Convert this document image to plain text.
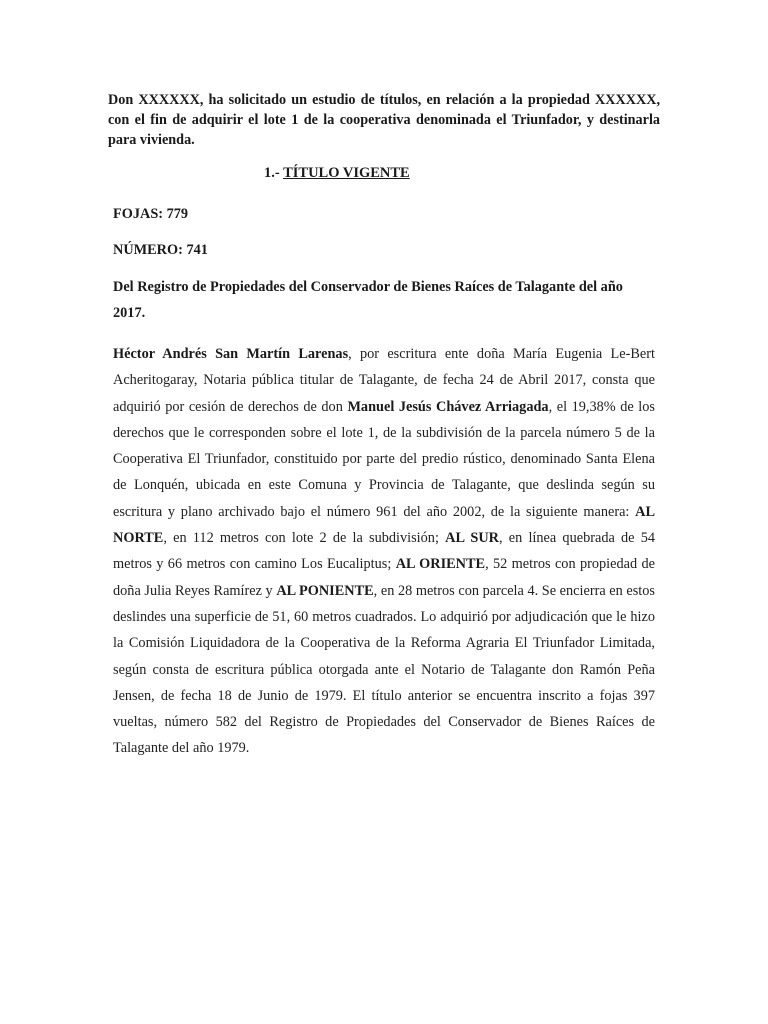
Don XXXXXX, ha solicitado un estudio de títulos, en relación a la propiedad XXXXXX, con el fin de adquirir el lote 1 de la cooperativa denominada el Triunfador, y destinarla para vivienda.

1.- TÍTULO VIGENTE
FOJAS: 779
NÚMERO: 741

Del Registro de Propiedades del Conservador de Bienes Raíces de Talagante del año 2017.

Héctor Andrés San Martín Larenas, por escritura ente doña María Eugenia Le-Bert Acheritogaray, Notaria pública titular de Talagante, de fecha 24 de Abril 2017, consta que adquirió por cesión de derechos de don Manuel Jesús Chávez Arriagada, el 19,38% de los derechos que le corresponden sobre el lote 1, de la subdivisión de la parcela número 5 de la Cooperativa El Triunfador, constituido por parte del predio rústico, denominado Santa Elena de Lonquén, ubicada en este Comuna y Provincia de Talagante, que deslinda según su escritura y plano archivado bajo el número 961 del año 2002, de la siguiente manera: AL NORTE, en 112 metros con lote 2 de la subdivisión; AL SUR, en línea quebrada de 54 metros y 66 metros con camino Los Eucaliptus; AL ORIENTE, 52 metros con propiedad de doña Julia Reyes Ramírez y AL PONIENTE, en 28 metros con parcela 4. Se encierra en estos deslindes una superficie de 51, 60 metros cuadrados. Lo adquirió por adjudicación que le hizo la Comisión Liquidadora de la Cooperativa de la Reforma Agraria El Triunfador Limitada, según consta de escritura pública otorgada ante el Notario de Talagante don Ramón Peña Jensen, de fecha 18 de Junio de 1979. El título anterior se encuentra inscrito a fojas 397 vueltas, número 582 del Registro de Propiedades del Conservador de Bienes Raíces de Talagante del año 1979.
